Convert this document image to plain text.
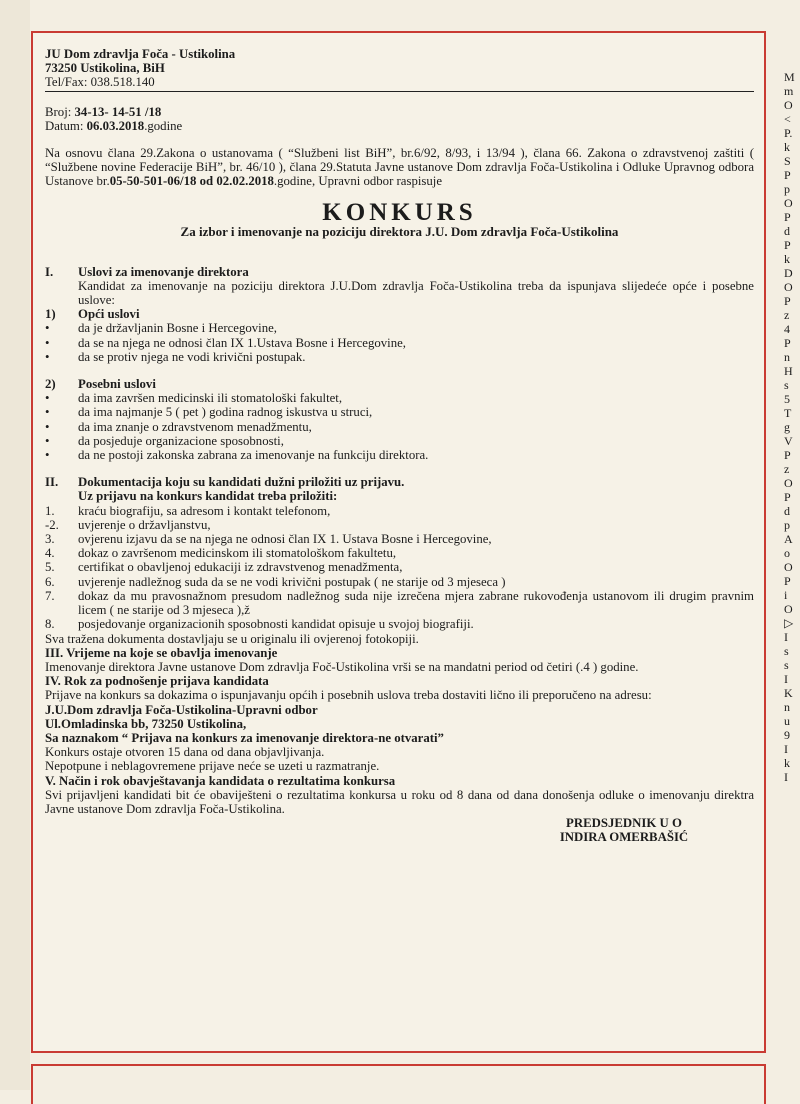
JU Dom zdravlja Foča - Ustikolina
73250 Ustikolina, BiH
Tel/Fax: 038.518.140
Broj: 34-13- 14-51 /18
Datum: 06.03.2018.godine

Na osnovu člana 29.Zakona o ustanovama ( “Službeni list BiH”, br.6/92, 8/93, i 13/94 ), člana 66. Zakona o zdravstvenoj zaštiti ( “Službene novine Federacije BiH”, br. 46/10 ), člana 29.Statuta Javne ustanove Dom zdravlja Foča-Ustikolina i Odluke Upravnog odbora Ustanove br.05-50-501-06/18 od 02.02.2018.godine, Upravni odbor raspisuje

KONKURS
Za izbor i imenovanje na poziciju direktora J.U. Dom zdravlja Foča-Ustikolina
I.	Uslovi za imenovanje direktora

Kandidat za imenovanje na poziciju direktora J.U.Dom zdravlja Foča-Ustikolina treba da ispunjava slijedeće opće i posebne uslove:

1)	Opći uslovi
•	da je državljanin Bosne i Hercegovine,
•	da se na njega ne odnosi član IX 1.Ustava Bosne i Hercegovine,
•	da se protiv njega ne vodi krivični postupak.
2)	Posebni uslovi
•	da ima završen medicinski ili stomatološki fakultet,
•	da ima najmanje 5 ( pet ) godina radnog iskustva u struci,
•	da ima znanje o zdravstvenom menadžmentu,
•	da posjeduje organizacione sposobnosti,
•	da ne postoji zakonska zabrana za imenovanje na funkciju direktora.
II.	Dokumentacija koju su kandidati dužni priložiti uz prijavu.
Uz prijavu na konkurs kandidat treba priložiti:
1.	kraću biografiju, sa adresom i kontakt telefonom,
-2.	uvjerenje o državljanstvu,
3.	ovjerenu izjavu da se na njega ne odnosi član IX 1. Ustava Bosne i Hercegovine,
4.	dokaz o završenom medicinskom ili stomatološkom fakultetu,
5.	certifikat o obavljenoj edukaciji iz zdravstvenog menadžmenta,
6.	uvjerenje nadležnog suda da se ne vodi krivični postupak ( ne starije od 3 mjeseca )
7.	dokaz da mu pravosnažnom presudom nadležnog suda nije izrečena mjera zabrane rukovođenja ustanovom ili drugim pravnim licem ( ne starije od 3 mjeseca ),ž

8.	posjedovanje organizacionih sposobnosti kandidat opisuje u svojoj biografiji.
Sva tražena dokumenta dostavljaju se u originalu ili ovjerenoj fotokopiji.
III. Vrijeme na koje se obavlja imenovanje

Imenovanje direktora Javne ustanove Dom zdravlja Foč-Ustikolina vrši se na mandatni period od četiri (.4 ) godine.

IV. Rok za podnošenje prijava kandidata

Prijave na konkurs sa dokazima o ispunjavanju općih i posebnih uslova treba dostaviti lično ili preporučeno na adresu:

J.U.Dom zdravlja Foča-Ustikolina-Upravni odbor
Ul.Omladinska bb, 73250 Ustikolina,
Sa naznakom “ Prijava na konkurs za imenovanje direktora-ne otvarati”
Konkurs ostaje otvoren 15 dana od dana objavljivanja.
Nepotpune i neblagovremene prijave neće se uzeti u razmatranje.
V. Način i rok obavještavanja kandidata o rezultatima konkursa

Svi prijavljeni kandidati bit će obaviješteni o rezultatima konkursa u roku od 8 dana od dana donošenja odluke o imenovanju direktra Javne ustanove Dom zdravlja Foča-Ustikolina.

PREDSJEDNIK U O
INDIRA OMERBAŠIĆ
M
m
O
<
P.
k
S
P
p
O
P
d
P
k
D
O
P
z
4
P
n
H
s
5
T
g
V
P
z
O
P
d
p
A
o
O
P
i
O
▷
I
s
s
I
K
n
u
9
I
k
I
